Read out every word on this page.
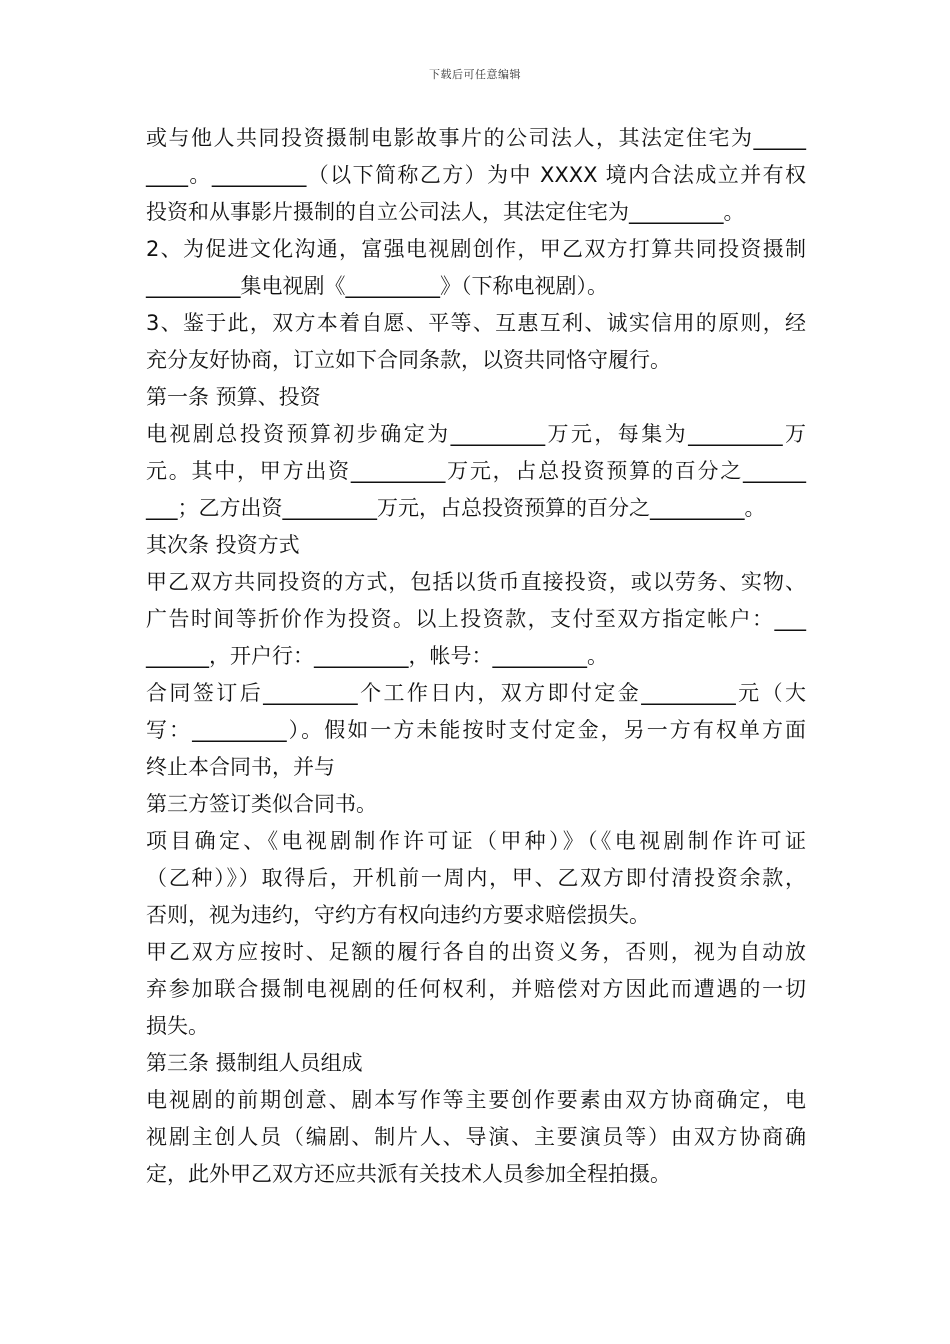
下载后可任意编辑
或与他人共同投资摄制电影故事片的公司法人，其法定住宅为_____
____。_________（以下简称乙方）为中 XXXX 境内合法成立并有权
投资和从事影片摄制的自立公司法人，其法定住宅为_________。
2、为促进文化沟通，富强电视剧创作，甲乙双方打算共同投资摄制
_________集电视剧《_________》（下称电视剧）。
3、鉴于此，双方本着自愿、平等、互惠互利、诚实信用的原则，经
充分友好协商，订立如下合同条款，以资共同恪守履行。
第一条 预算、投资
电视剧总投资预算初步确定为_________万元，每集为_________万
元。其中，甲方出资_________万元，占总投资预算的百分之______
___；乙方出资_________万元，占总投资预算的百分之_________。
其次条 投资方式
甲乙双方共同投资的方式，包括以货币直接投资，或以劳务、实物、
广告时间等折价作为投资。以上投资款，支付至双方指定帐户：___
______，开户行：_________，帐号：_________。
合同签订后_________个工作日内，双方即付定金_________元（大
写：_________）。假如一方未能按时支付定金，另一方有权单方面
终止本合同书，并与
第三方签订类似合同书。
项目确定、《电视剧制作许可证（甲种）》（《电视剧制作许可证
（乙种）》）取得后，开机前一周内，甲、乙双方即付清投资余款，
否则，视为违约，守约方有权向违约方要求赔偿损失。
甲乙双方应按时、足额的履行各自的出资义务，否则，视为自动放
弃参加联合摄制电视剧的任何权利，并赔偿对方因此而遭遇的一切
损失。
第三条 摄制组人员组成
电视剧的前期创意、剧本写作等主要创作要素由双方协商确定，电
视剧主创人员（编剧、制片人、导演、主要演员等）由双方协商确
定，此外甲乙双方还应共派有关技术人员参加全程拍摄。
